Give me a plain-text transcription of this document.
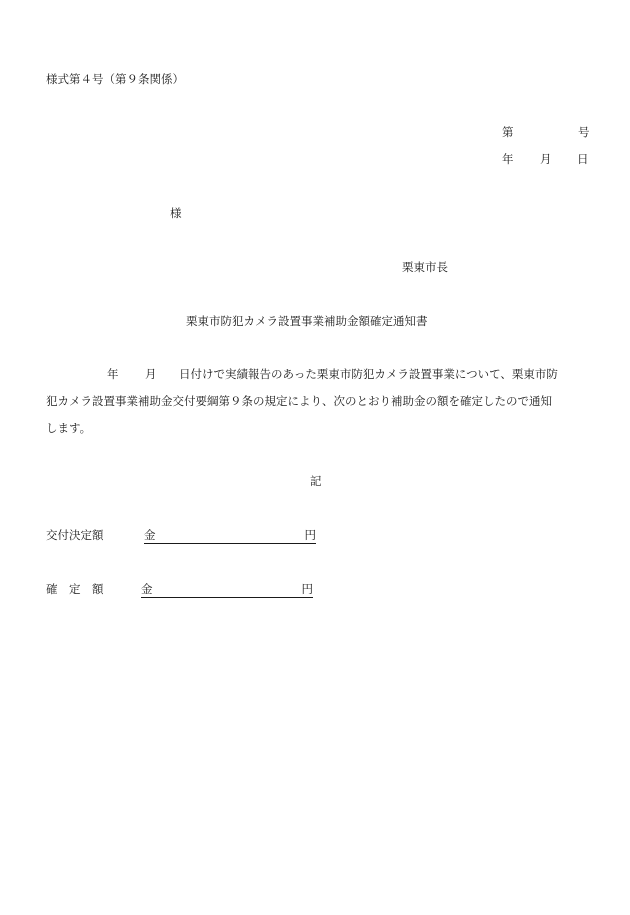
様式第４号（第９条関係）
第	号
年 月 日
様
栗東市長
栗東市防犯カメラ設置事業補助金額確定通知書
年 月 日付けで実績報告のあった栗東市防犯カメラ設置事業について、栗東市防
犯カメラ設置事業補助金交付要綱第９条の規定により、次のとおり補助金の額を確定したので通知
します。
記
交付決定額	金	円
確　定　額	金	円
